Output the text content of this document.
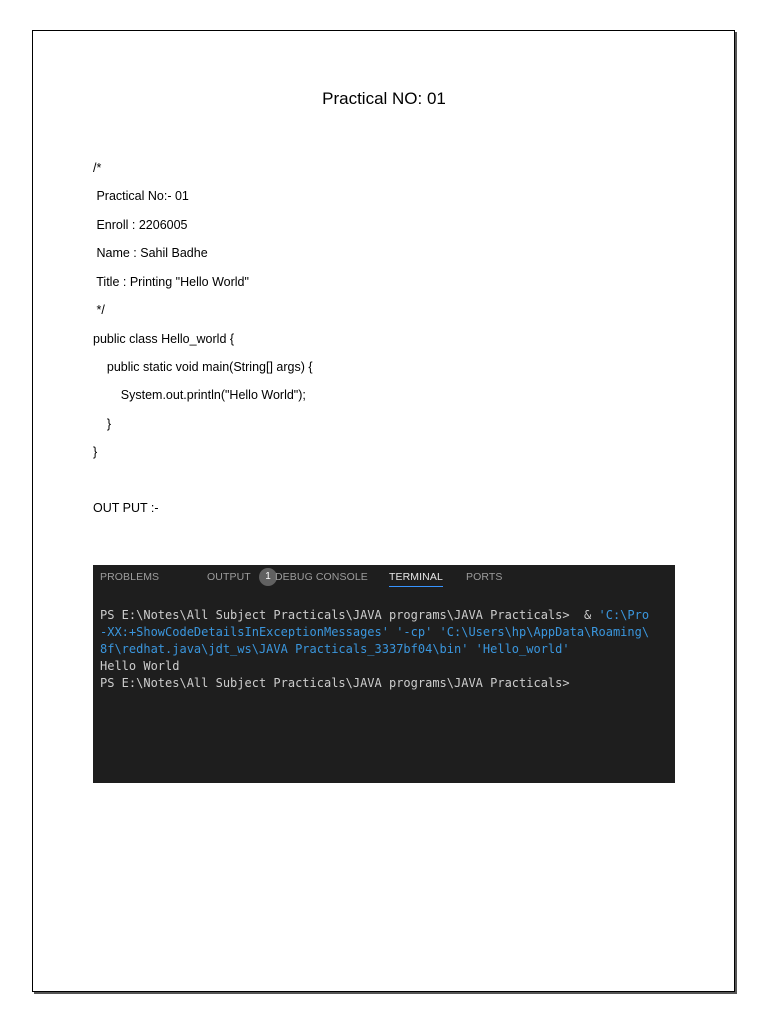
Practical NO: 01
/*
Practical No:- 01
Enroll : 2206005
Name : Sahil Badhe
Title : Printing "Hello World"
*/
public class Hello_world {
public static void main(String[] args) {
System.out.println("Hello World");
}
}
OUT PUT :-
PROBLEMS	1
OUTPUT DEBUG CONSOLE TERMINAL PORTS
PS E:\Notes\All Subject Practicals\JAVA programs\JAVA Practicals>  & 'C:\Pro
-XX:+ShowCodeDetailsInExceptionMessages' '-cp' 'C:\Users\hp\AppData\Roaming\
8f\redhat.java\jdt_ws\JAVA Practicals_3337bf04\bin' 'Hello_world'
Hello World
PS E:\Notes\All Subject Practicals\JAVA programs\JAVA Practicals>
